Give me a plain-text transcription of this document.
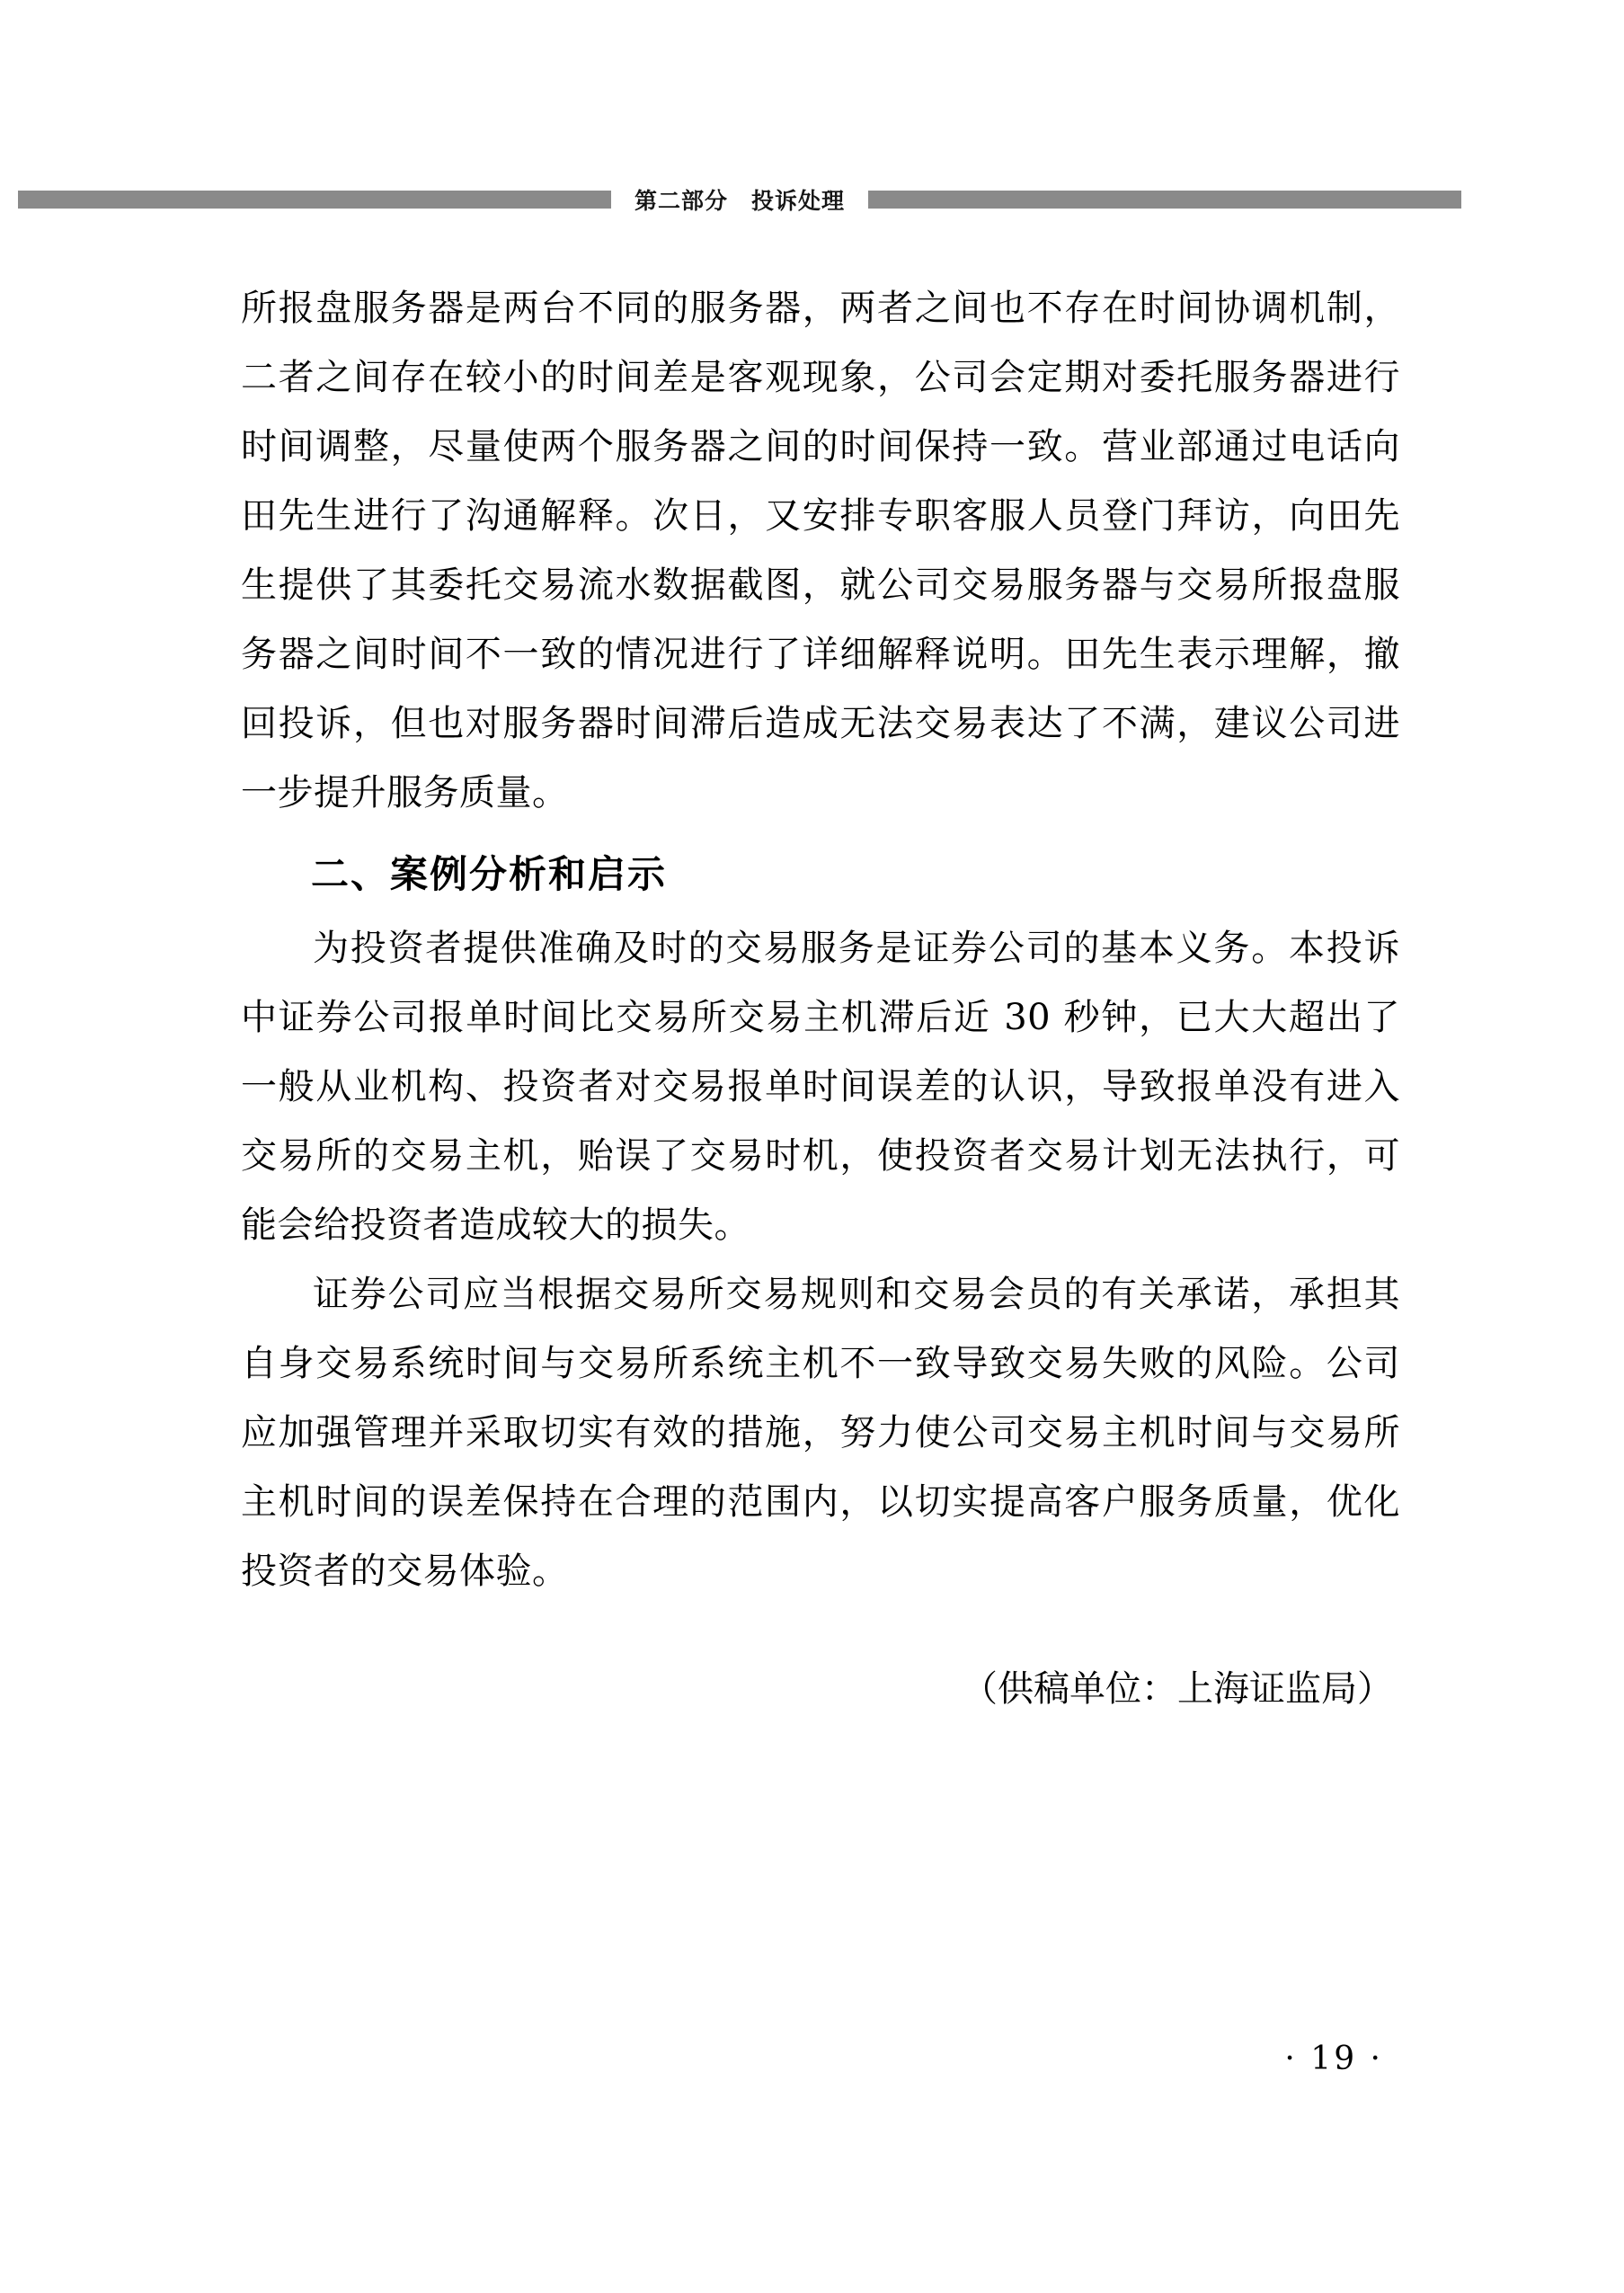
第二部分　投诉处理

所报盘服务器是两台不同的服务器，两者之间也不存在时间协调机制，二者之间存在较小的时间差是客观现象，公司会定期对委托服务器进行时间调整，尽量使两个服务器之间的时间保持一致。营业部通过电话向田先生进行了沟通解释。次日，又安排专职客服人员登门拜访，向田先生提供了其委托交易流水数据截图，就公司交易服务器与交易所报盘服务器之间时间不一致的情况进行了详细解释说明。田先生表示理解，撤回投诉，但也对服务器时间滞后造成无法交易表达了不满，建议公司进一步提升服务质量。

二、案例分析和启示

为投资者提供准确及时的交易服务是证券公司的基本义务。本投诉中证券公司报单时间比交易所交易主机滞后近 30 秒钟，已大大超出了一般从业机构、投资者对交易报单时间误差的认识，导致报单没有进入交易所的交易主机，贻误了交易时机，使投资者交易计划无法执行，可能会给投资者造成较大的损失。

证券公司应当根据交易所交易规则和交易会员的有关承诺，承担其自身交易系统时间与交易所系统主机不一致导致交易失败的风险。公司应加强管理并采取切实有效的措施，努力使公司交易主机时间与交易所主机时间的误差保持在合理的范围内，以切实提高客户服务质量，优化投资者的交易体验。

（供稿单位：上海证监局）

· 19 ·
